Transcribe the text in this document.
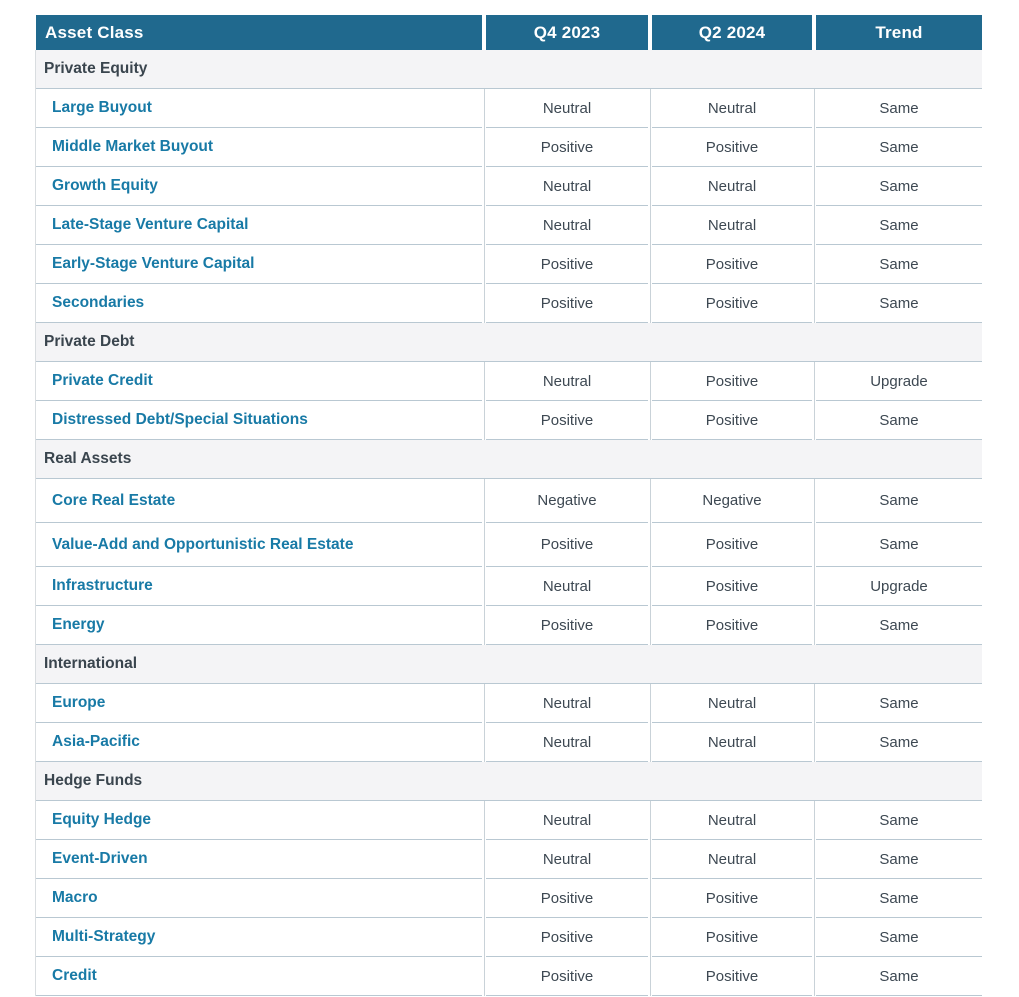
Asset Class	Q4 2023	Q2 2024	Trend
Private Equity
Large Buyout	Neutral	Neutral	Same
Middle Market Buyout	Positive	Positive	Same
Growth Equity	Neutral	Neutral	Same
Late-Stage Venture Capital	Neutral	Neutral	Same
Early-Stage Venture Capital	Positive	Positive	Same
Secondaries	Positive	Positive	Same
Private Debt
Private Credit	Neutral	Positive	Upgrade
Distressed Debt/Special Situations	Positive	Positive	Same
Real Assets
Core Real Estate	Negative	Negative	Same
Value-Add and Opportunistic Real Estate	Positive	Positive	Same
Infrastructure	Neutral	Positive	Upgrade
Energy	Positive	Positive	Same
International
Europe	Neutral	Neutral	Same
Asia-Pacific	Neutral	Neutral	Same
Hedge Funds
Equity Hedge	Neutral	Neutral	Same
Event-Driven	Neutral	Neutral	Same
Macro	Positive	Positive	Same
Multi-Strategy	Positive	Positive	Same
Credit	Positive	Positive	Same
